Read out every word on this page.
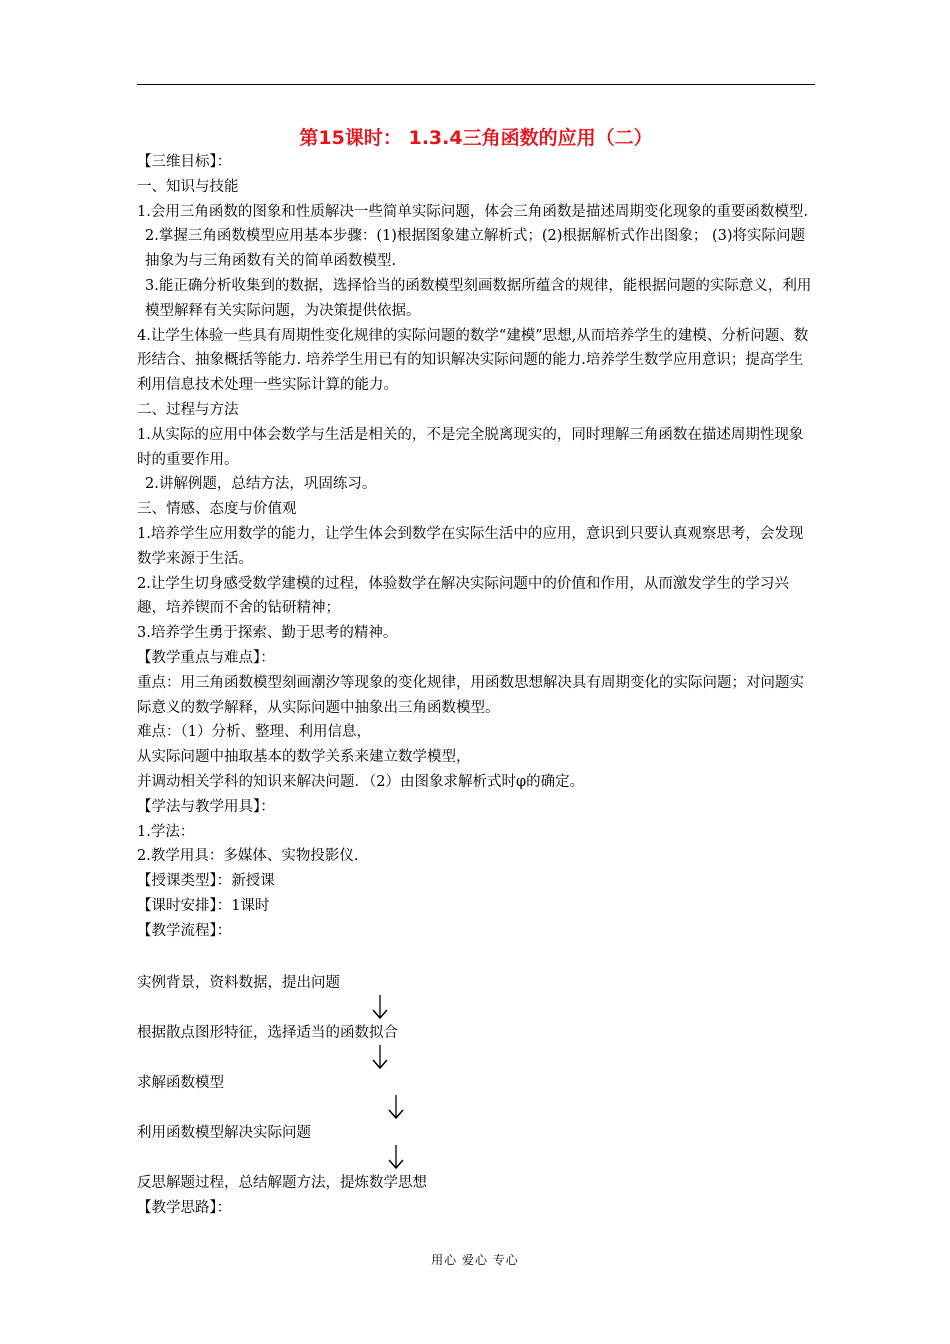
第15课时： 1.3.4三角函数的应用（二）

【三维目标】：

一、知识与技能

1.会用三角函数的图象和性质解决一些简单实际问题，体会三角函数是描述周期变化现象的重要函数模型.

2.掌握三角函数模型应用基本步骤：(1)根据图象建立解析式；(2)根据解析式作出图象； (3)将实际问题抽象为与三角函数有关的简单函数模型.

3.能正确分析收集到的数据，选择恰当的函数模型刻画数据所蕴含的规律，能根据问题的实际意义，利用模型解释有关实际问题，为决策提供依据。

4.让学生体验一些具有周期性变化规律的实际问题的数学“建模”思想,从而培养学生的建模、分析问题、数形结合、抽象概括等能力. 培养学生用已有的知识解决实际问题的能力.培养学生数学应用意识；提高学生利用信息技术处理一些实际计算的能力。

二、过程与方法

1.从实际的应用中体会数学与生活是相关的，不是完全脱离现实的，同时理解三角函数在描述周期性现象时的重要作用。

2.讲解例题，总结方法，巩固练习。

三、情感、态度与价值观

1.培养学生应用数学的能力，让学生体会到数学在实际生活中的应用，意识到只要认真观察思考，会发现数学来源于生活。

2.让学生切身感受数学建模的过程，体验数学在解决实际问题中的价值和作用，从而激发学生的学习兴趣，培养锲而不舍的钻研精神；

3.培养学生勇于探索、勤于思考的精神。

【教学重点与难点】：

重点：用三角函数模型刻画潮汐等现象的变化规律，用函数思想解决具有周期变化的实际问题；对问题实际意义的数学解释，从实际问题中抽象出三角函数模型。

难点：（1）分析、整理、利用信息，

从实际问题中抽取基本的数学关系来建立数学模型，

并调动相关学科的知识来解决问题．（2）由图象求解析式时φ的确定。

【学法与教学用具】：

1.学法：

2.教学用具：多媒体、实物投影仪.

【授课类型】：新授课

【课时安排】：1课时

【教学流程】：

实例背景，资料数据，提出问题
根据散点图形特征，选择适当的函数拟合
求解函数模型
利用函数模型解决实际问题
反思解题过程，总结解题方法，提炼数学思想
【教学思路】：
用心 爱心 专心
